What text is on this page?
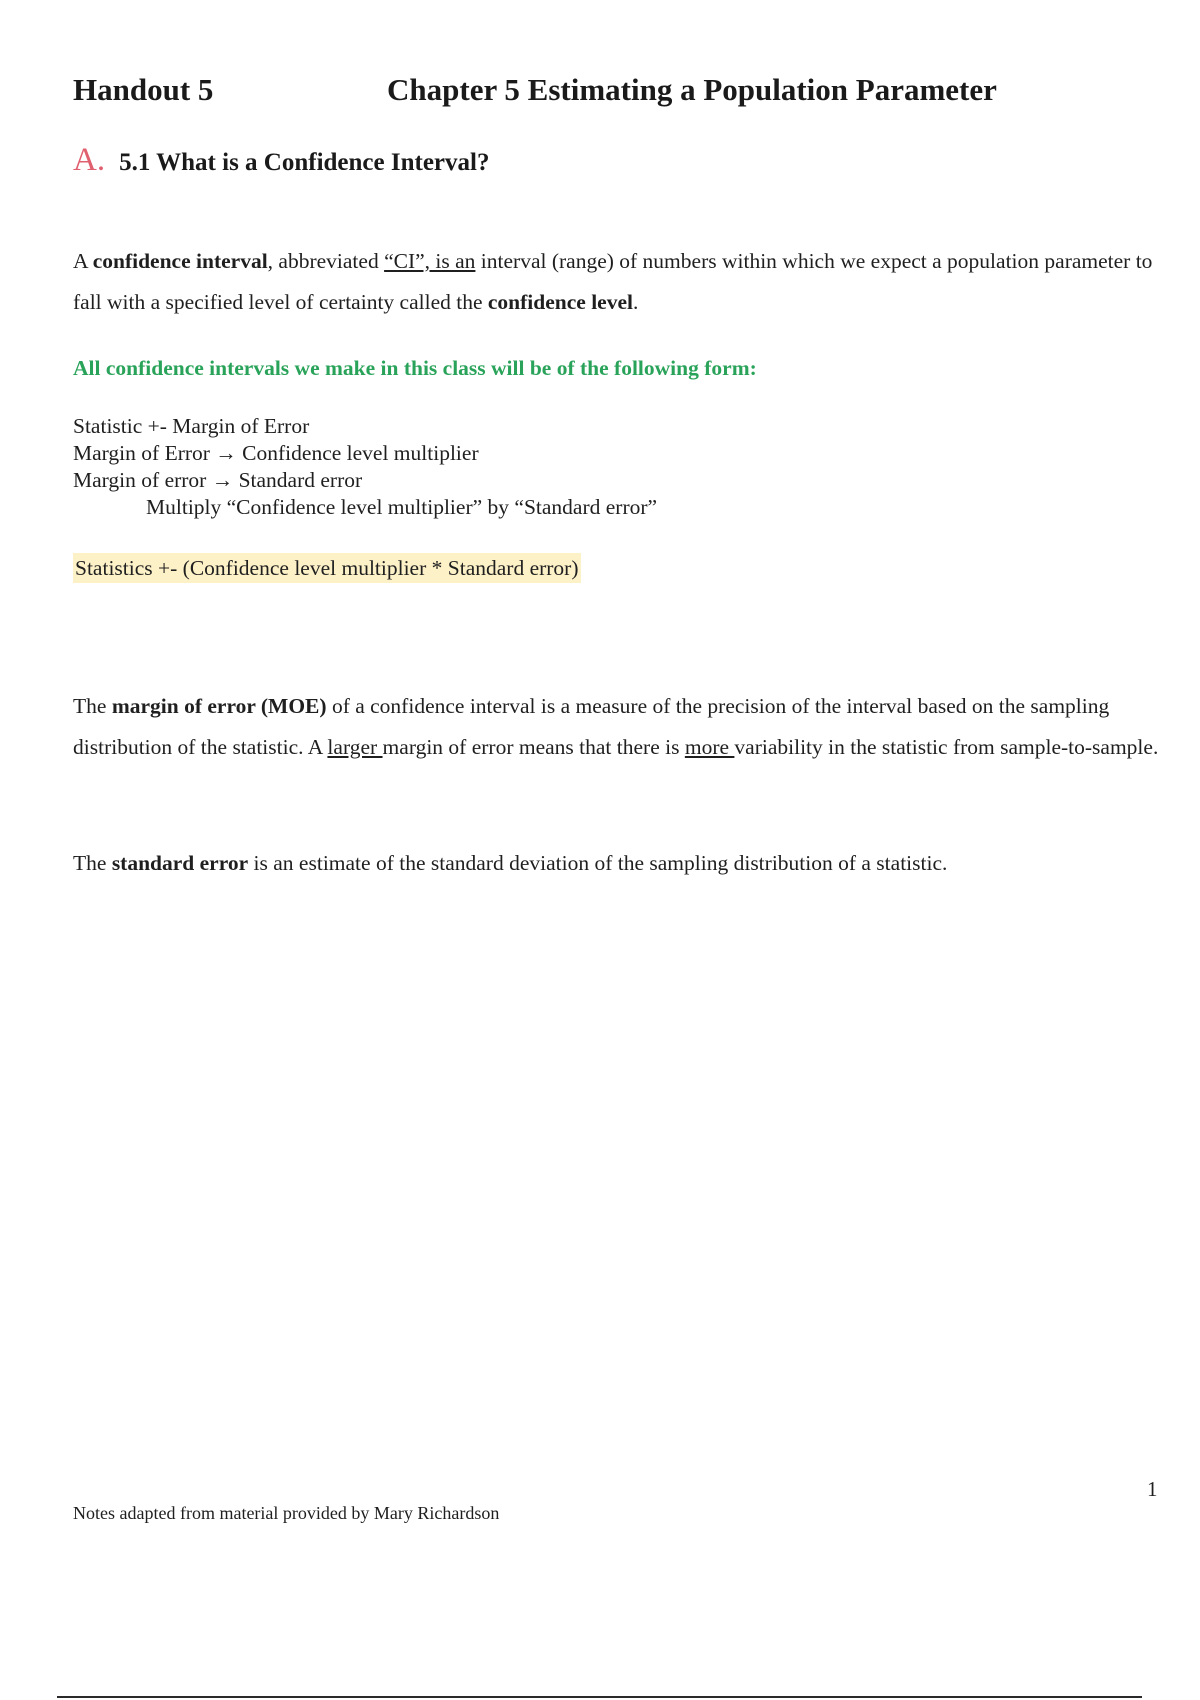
Handout 5	Chapter 5 Estimating a Population Parameter
A. 5.1 What is a Confidence Interval?
A confidence interval, abbreviated “CI”, is an interval (range) of numbers within which we expect a population parameter to fall with a specified level of certainty called the confidence level.
All confidence intervals we make in this class will be of the following form:
Statistic +- Margin of Error
Margin of Error → Confidence level multiplier
Margin of error → Standard error
Multiply “Confidence level multiplier” by “Standard error”
Statistics +- (Confidence level multiplier * Standard error)
The margin of error (MOE) of a confidence interval is a measure of the precision of the interval based on the sampling distribution of the statistic. A larger margin of error means that there is more variability in the statistic from sample-to-sample.
The standard error is an estimate of the standard deviation of the sampling distribution of a statistic.
1
Notes adapted from material provided by Mary Richardson
